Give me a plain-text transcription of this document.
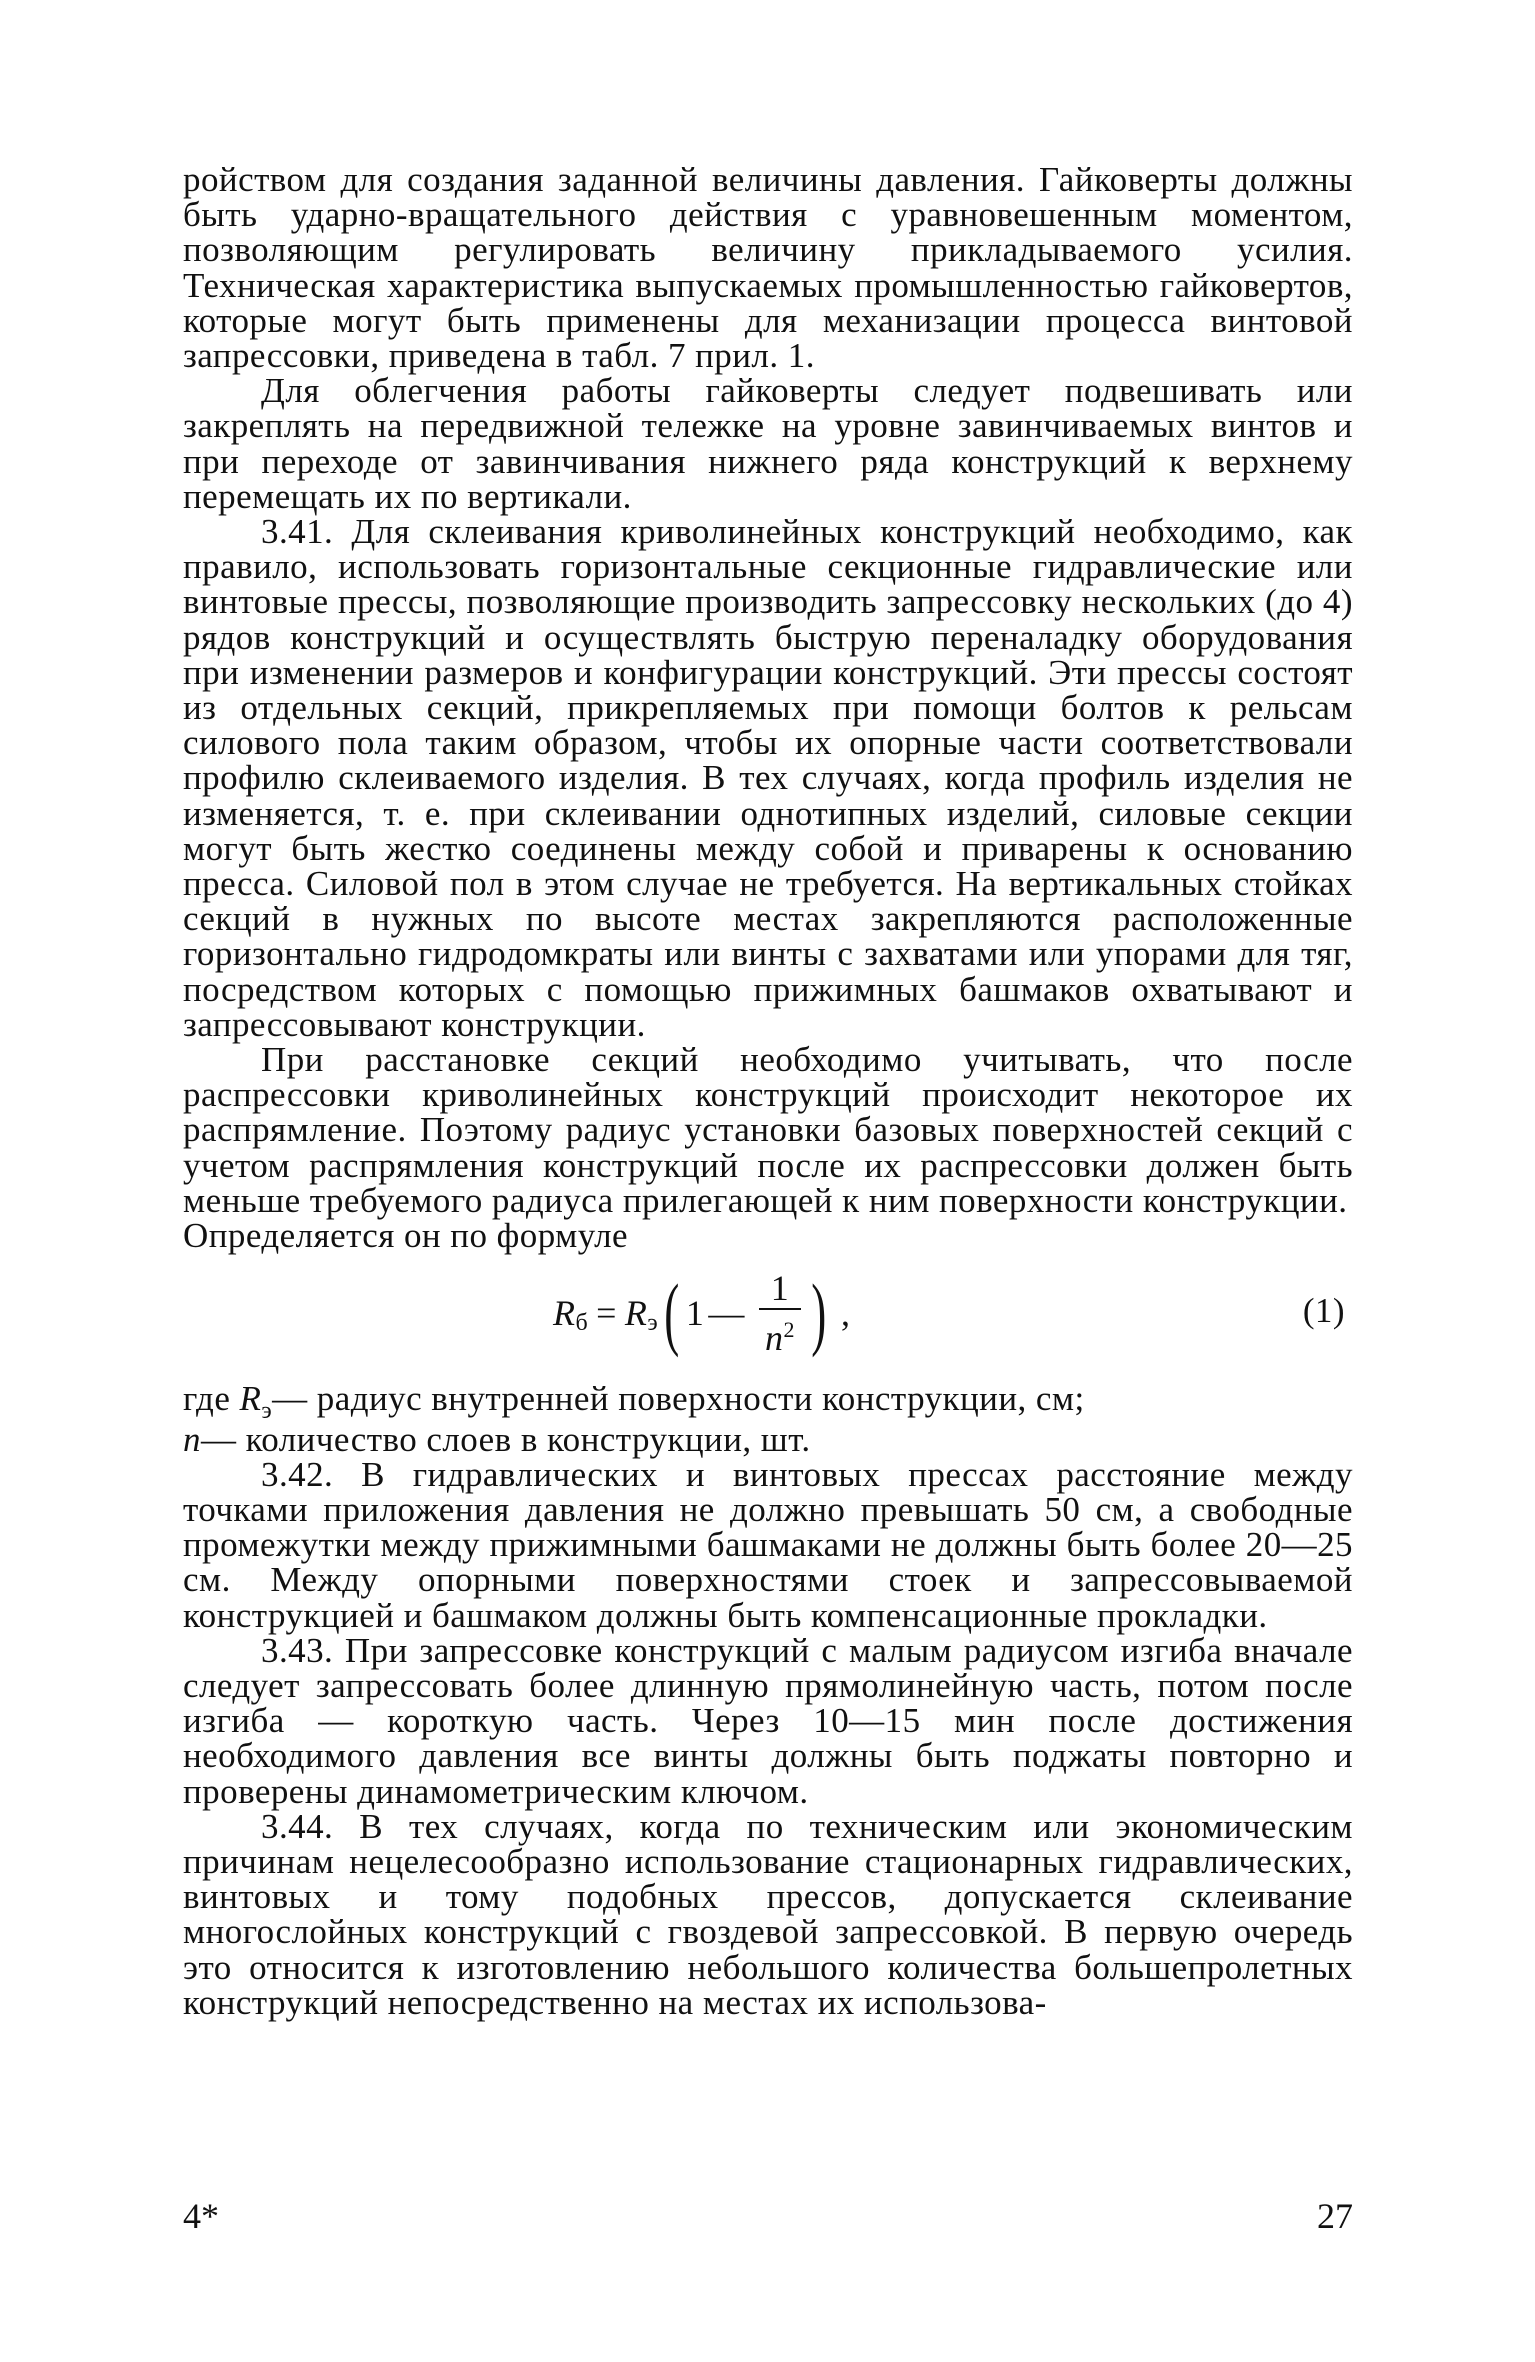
ройством для создания заданной величины давления. Гайковерты должны быть ударно-вращательного действия с уравновешенным моментом, позволяющим регулировать величину прикладываемого усилия. Техническая характеристика выпускаемых промышленностью гайковертов, которые могут быть применены для механизации процесса винтовой запрессовки, приведена в табл. 7 прил. 1.

Для облегчения работы гайковерты следует подвешивать или закреплять на передвижной тележке на уровне завинчиваемых винтов и при переходе от завинчивания нижнего ряда конструкций к верхнему перемещать их по вертикали.

3.41. Для склеивания криволинейных конструкций необходимо, как правило, использовать горизонтальные секционные гидравлические или винтовые прессы, позволяющие производить запрессовку нескольких (до 4) рядов конструкций и осуществлять быструю переналадку оборудования при изменении размеров и конфигурации конструкций. Эти прессы состоят из отдельных секций, прикрепляемых при помощи болтов к рельсам силового пола таким образом, чтобы их опорные части соответствовали профилю склеиваемого изделия. В тех случаях, когда профиль изделия не изменяется, т. е. при склеивании однотипных изделий, силовые секции могут быть жестко соединены между собой и приварены к основанию пресса. Силовой пол в этом случае не требуется. На вертикальных стойках секций в нужных по высоте местах закрепляются расположенные горизонтально гидродомкраты или винты с захватами или упорами для тяг, посредством которых с помощью прижимных башмаков охватывают и запрессовывают конструкции.

При расстановке секций необходимо учитывать, что после распрессовки криволинейных конструкций происходит некоторое их распрямление. Поэтому радиус установки базовых поверхностей секций с учетом распрямления конструкций после их распрессовки должен быть меньше требуемого радиуса прилегающей к ним поверхности конструкции.

Определяется он по формуле

R б = R э ( 1 — $\frac{1}{n^2}$ ) ,	(1)

где $R_э—$ радиус внутренней поверхности конструкции, см;

n— количество слоев в конструкции, шт.

3.42. В гидравлических и винтовых прессах расстояние между точками приложения давления не должно превышать 50 см, а свободные промежутки между прижимными башмаками не должны быть более 20—25 см. Между опорными поверхностями стоек и запрессовываемой конструкцией и башмаком должны быть компенсационные прокладки.

3.43. При запрессовке конструкций с малым радиусом изгиба вначале следует запрессовать более длинную прямолинейную часть, потом после изгиба — короткую часть. Через 10—15 мин после достижения необходимого давления все винты должны быть поджаты повторно и проверены динамометрическим ключом.

3.44. В тех случаях, когда по техническим или экономическим причинам нецелесообразно использование стационарных гидравлических, винтовых и тому подобных прессов, допускается склеивание многослойных конструкций с гвоздевой запрессовкой. В первую очередь это относится к изготовлению небольшого количества большепролетных конструкций непосредственно на местах их использова-

4*	27
